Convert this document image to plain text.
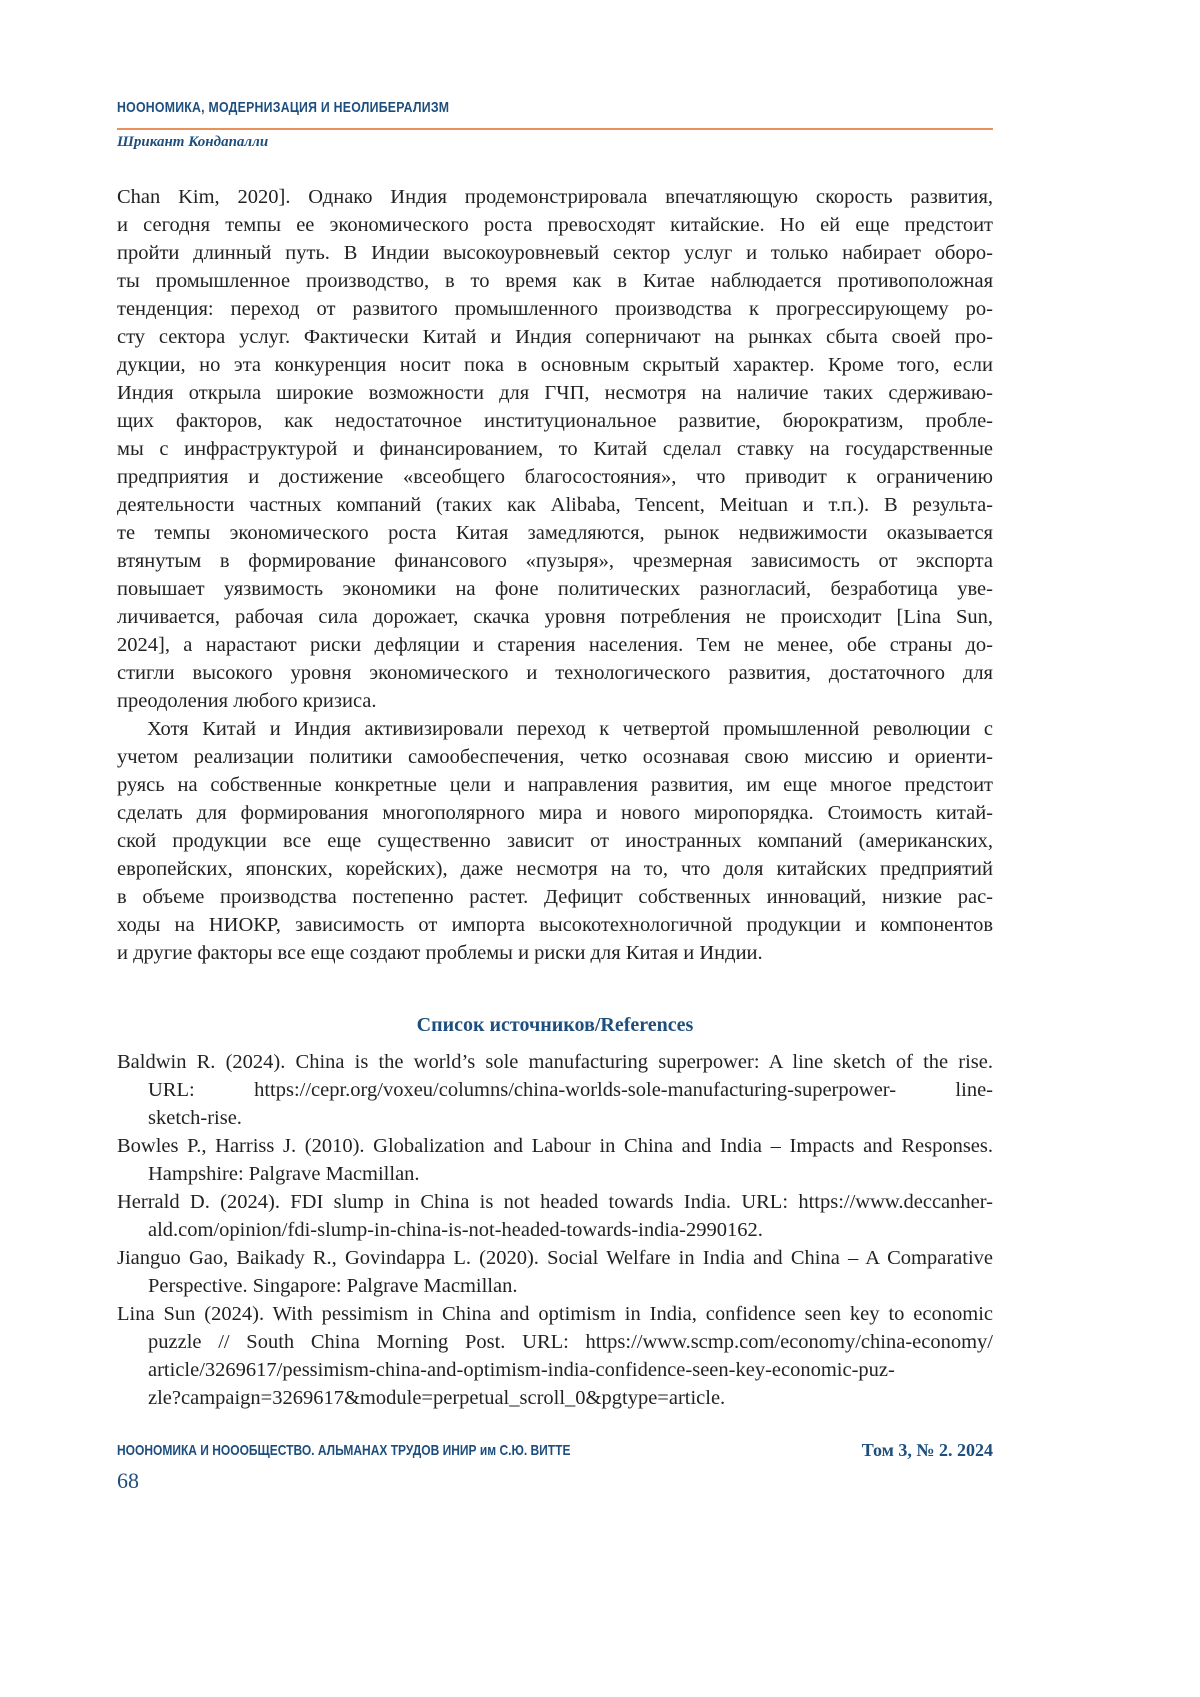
НООНОМИКА, МОДЕРНИЗАЦИЯ И НЕОЛИБЕРАЛИЗМ
Шрикант Кондапалли
Chan Kim, 2020]. Однако Индия продемонстрировала впечатляющую скорость развития,
и сегодня темпы ее экономического роста превосходят китайские. Но ей еще предстоит
пройти длинный путь. В Индии высокоуровневый сектор услуг и только набирает оборо-
ты промышленное производство, в то время как в Китае наблюдается противоположная
тенденция: переход от развитого промышленного производства к прогрессирующему ро-
сту сектора услуг. Фактически Китай и Индия соперничают на рынках сбыта своей про-
дукции, но эта конкуренция носит пока в основным скрытый характер. Кроме того, если
Индия открыла широкие возможности для ГЧП, несмотря на наличие таких сдерживаю-
щих факторов, как недостаточное институциональное развитие, бюрократизм, пробле-
мы с инфраструктурой и финансированием, то Китай сделал ставку на государственные
предприятия и достижение «всеобщего благосостояния», что приводит к ограничению
деятельности частных компаний (таких как Alibaba, Tencent, Meituan и т.п.). В результа-
те темпы экономического роста Китая замедляются, рынок недвижимости оказывается
втянутым в формирование финансового «пузыря», чрезмерная зависимость от экспорта
повышает уязвимость экономики на фоне политических разногласий, безработица уве-
личивается, рабочая сила дорожает, скачка уровня потребления не происходит [Lina Sun,
2024], а нарастают риски дефляции и старения населения. Тем не менее, обе страны до-
стигли высокого уровня экономического и технологического развития, достаточного для
преодоления любого кризиса.
Хотя Китай и Индия активизировали переход к четвертой промышленной революции с
учетом реализации политики самообеспечения, четко осознавая свою миссию и ориенти-
руясь на собственные конкретные цели и направления развития, им еще многое предстоит
сделать для формирования многополярного мира и нового миропорядка. Стоимость китай-
ской продукции все еще существенно зависит от иностранных компаний (американских,
европейских, японских, корейских), даже несмотря на то, что доля китайских предприятий
в объеме производства постепенно растет. Дефицит собственных инноваций, низкие рас-
ходы на НИОКР, зависимость от импорта высокотехнологичной продукции и компонентов
и другие факторы все еще создают проблемы и риски для Китая и Индии.
Список источников/References
Baldwin R. (2024). China is the world’s sole manufacturing superpower: A line sketch of the rise.
URL: https://cepr.org/voxeu/columns/china-worlds-sole-manufacturing-superpower- line-
sketch-rise.
Bowles P., Harriss J. (2010). Globalization and Labour in China and India – Impacts and Responses.
Hampshire: Palgrave Macmillan.
Herrald D. (2024). FDI slump in China is not headed towards India. URL: https://www.deccanher-
ald.com/opinion/fdi-slump-in-china-is-not-headed-towards-india-2990162.
Jianguo Gao, Baikady R., Govindappa L. (2020). Social Welfare in India and China – A Comparative
Perspective. Singapore: Palgrave Macmillan.
Lina Sun (2024). With pessimism in China and optimism in India, confidence seen key to economic
puzzle // South China Morning Post. URL: https://www.scmp.com/economy/china-economy/
article/3269617/pessimism-china-and-optimism-india-confidence-seen-key-economic-puz-
zle?campaign=3269617&module=perpetual_scroll_0&pgtype=article.
НООНОМИКА И НОООБЩЕСТВО. АЛЬМАНАХ ТРУДОВ ИНИР им С.Ю. ВИТТЕ	Том 3, № 2. 2024
68
